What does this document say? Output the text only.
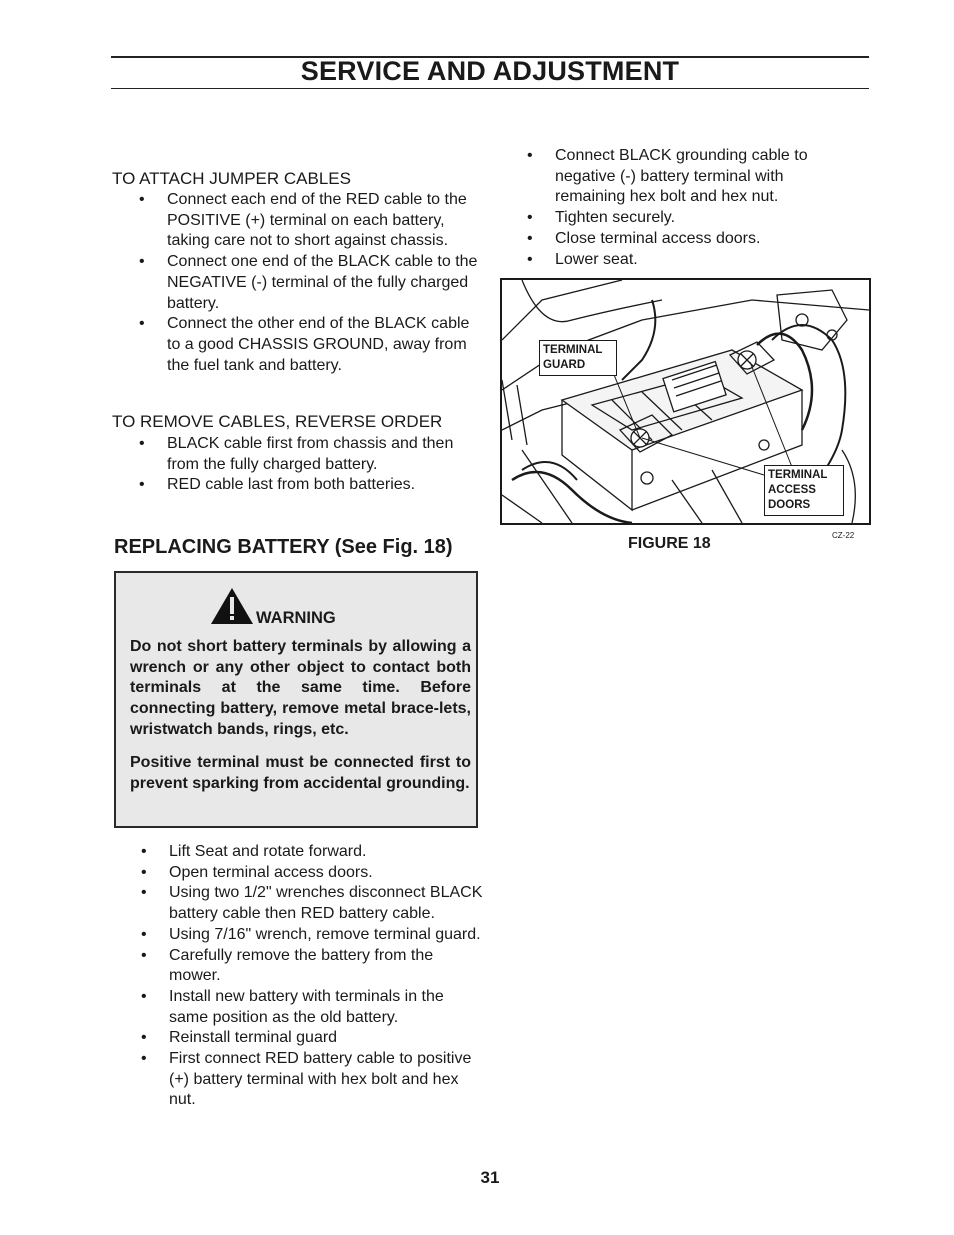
SERVICE AND ADJUSTMENT
TO ATTACH JUMPER CABLES
• Connect each end of the RED cable to the POSITIVE (+) terminal on each battery, taking care not to short against chassis.
• Connect one end of the BLACK cable to the NEGATIVE (-) terminal of the fully charged battery.
• Connect the other end of the BLACK cable to a good CHASSIS GROUND, away from the fuel tank and battery.
TO REMOVE CABLES, REVERSE ORDER
• BLACK cable first from chassis and then from the fully charged battery.
• RED cable last from both batteries.
REPLACING BATTERY (See Fig. 18)
WARNING
Do not short battery terminals by allowing a wrench or any other object to contact both terminals at the same time. Before connecting battery, remove metal brace-lets, wristwatch bands, rings, etc.
Positive terminal must be connected first to prevent sparking from accidental grounding.
• Lift Seat and rotate forward.
• Open terminal access doors.
• Using two 1/2" wrenches disconnect BLACK battery cable then RED battery cable.
• Using 7/16" wrench, remove terminal guard.
• Carefully remove the battery from the mower.
• Install new battery with terminals in the same position as the old battery.
• Reinstall terminal guard
• First connect RED battery cable to positive (+) battery terminal with hex bolt and hex nut.
• Connect BLACK grounding cable to negative (-) battery terminal with remaining hex bolt and hex nut.
• Tighten securely.
• Close terminal access doors.
• Lower seat.
TERMINAL
GUARD
TERMINAL
ACCESS
DOORS
FIGURE 18	CZ-22
31
